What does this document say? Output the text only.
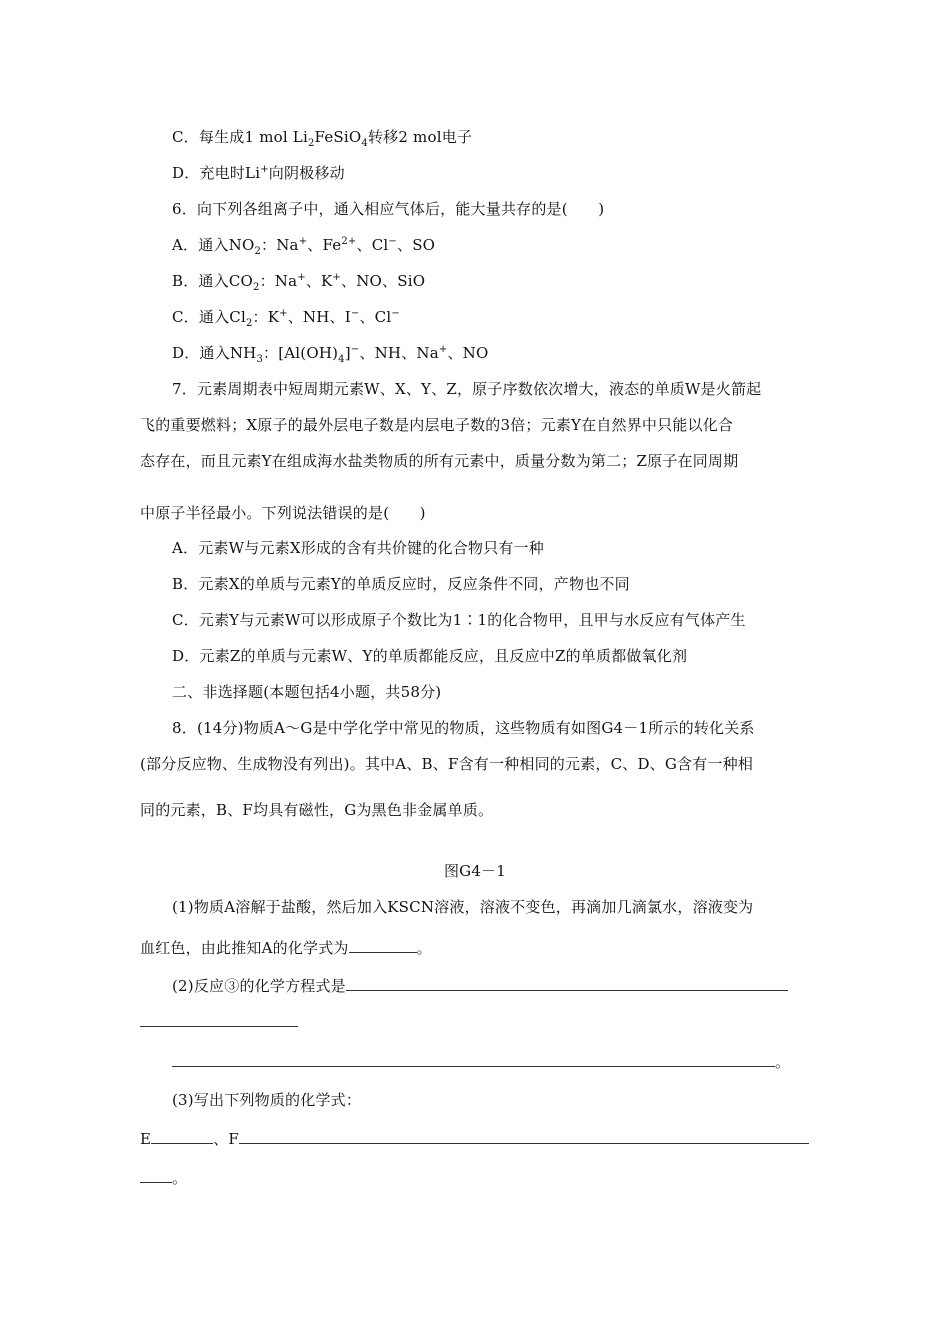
C．每生成1 mol $Li_2FeSiO_4$转移2 mol电子
D．充电时Li+向阴极移动
6．向下列各组离子中，通入相应气体后，能大量共存的是(　　)
A．通入$NO_2$：Na+、$Fe^{2+}$、Cl−、SO
B．通入$CO_2$：Na+、K+、NO、SiO
C．通入$Cl_2$：K+、NH、I−、Cl−
D．通入$NH_3$：$[Al(OH)_4]^-$、NH、Na+、NO
7．元素周期表中短周期元素W、X、Y、Z，原子序数依次增大，液态的单质W是火箭起
飞的重要燃料；X原子的最外层电子数是内层电子数的3倍；元素Y在自然界中只能以化合
态存在，而且元素Y在组成海水盐类物质的所有元素中，质量分数为第二；Z原子在同周期
中原子半径最小。下列说法错误的是(　　)
A．元素W与元素X形成的含有共价键的化合物只有一种
B．元素X的单质与元素Y的单质反应时，反应条件不同，产物也不同
C．元素Y与元素W可以形成原子个数比为1∶1的化合物甲，且甲与水反应有气体产生
D．元素Z的单质与元素W、Y的单质都能反应，且反应中Z的单质都做氧化剂
二、非选择题(本题包括4小题，共58分)
8．(14分)物质A～G是中学化学中常见的物质，这些物质有如图G4－1所示的转化关系
(部分反应物、生成物没有列出)。其中A、B、F含有一种相同的元素，C、D、G含有一种相
同的元素，B、F均具有磁性，G为黑色非金属单质。
图G4－1
(1)物质A溶解于盐酸，然后加入KSCN溶液，溶液不变色，再滴加几滴氯水，溶液变为
血红色，由此推知A的化学式为	。
(2)反应③的化学方程式是
。
(3)写出下列物质的化学式：
E	、F
。
